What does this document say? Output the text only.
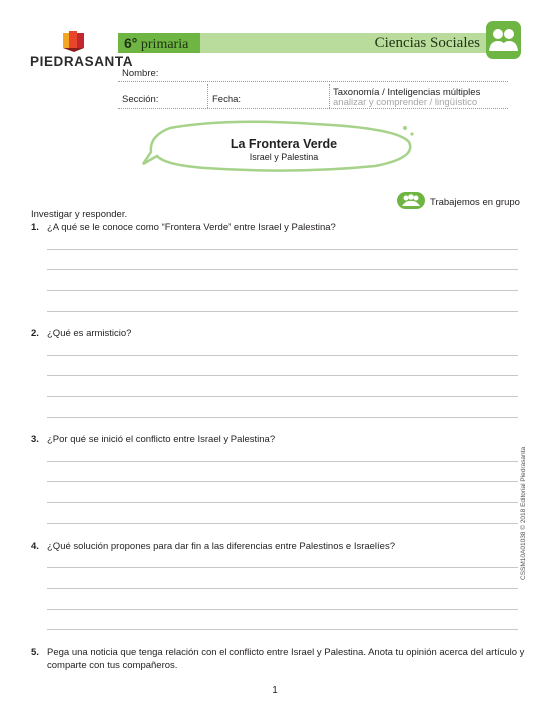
PIEDRASANTA
6° primaria	Ciencias Sociales
Nombre:
Sección:	Fecha:
Taxonomía / Inteligencias múltiples
analizar y comprender / lingüístico
La Frontera Verde
Israel y Palestina
Trabajemos en grupo
Investigar y responder.
1. ¿A qué se le conoce como “Frontera Verde” entre Israel y Palestina?
2. ¿Qué es armisticio?
3. ¿Por qué se inició el conflicto entre Israel y Palestina?
4. ¿Qué solución propones para dar fin a las diferencias entre Palestinos e Israelíes?
5. Pega una noticia que tenga relación con el conflicto entre Israel y Palestina. Anota tu opinión acerca del artículo y
comparte con tus compañeros.
CSSM10A01038 © 2018 Editorial Piedrasanta
1
